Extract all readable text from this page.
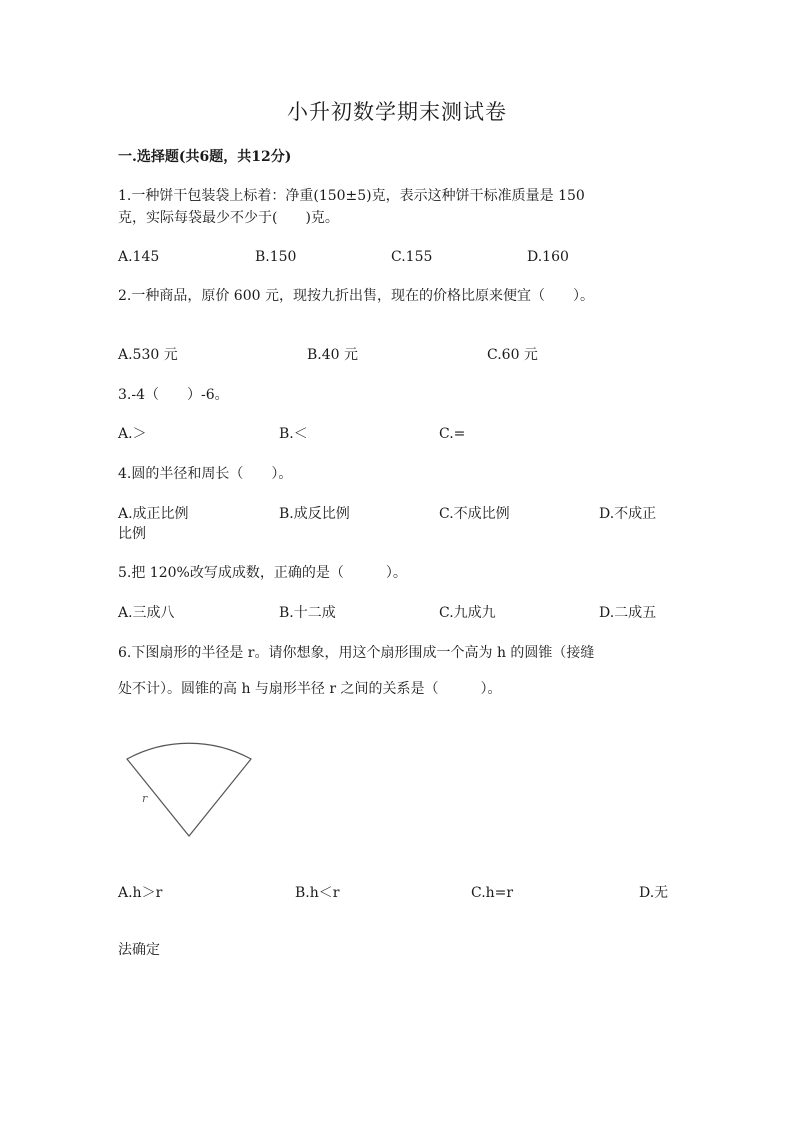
小升初数学期末测试卷
一.选择题(共6题，共12分)
1.一种饼干包装袋上标着：净重(150±5)克，表示这种饼干标准质量是 150
克，实际每袋最少不少于(　　)克。
A.145	B.150	C.155	D.160
2.一种商品，原价 600 元，现按九折出售，现在的价格比原来便宜（　　）。
A.530 元	B.40 元	C.60 元
3.-4（　　）-6。
A.＞	B.＜	C.=
4.圆的半径和周长（　　）。
A.成正比例	B.成反比例	C.不成比例	D.不成正
比例
5.把 120%改写成成数，正确的是（　　　）。
A.三成八	B.十二成	C.九成九	D.二成五
6.下图扇形的半径是 r。请你想象，用这个扇形围成一个高为 h 的圆锥（接缝
处不计）。圆锥的高 h 与扇形半径 r 之间的关系是（　　　）。
r
A.h＞r	B.h＜r	C.h=r	D.无
法确定
